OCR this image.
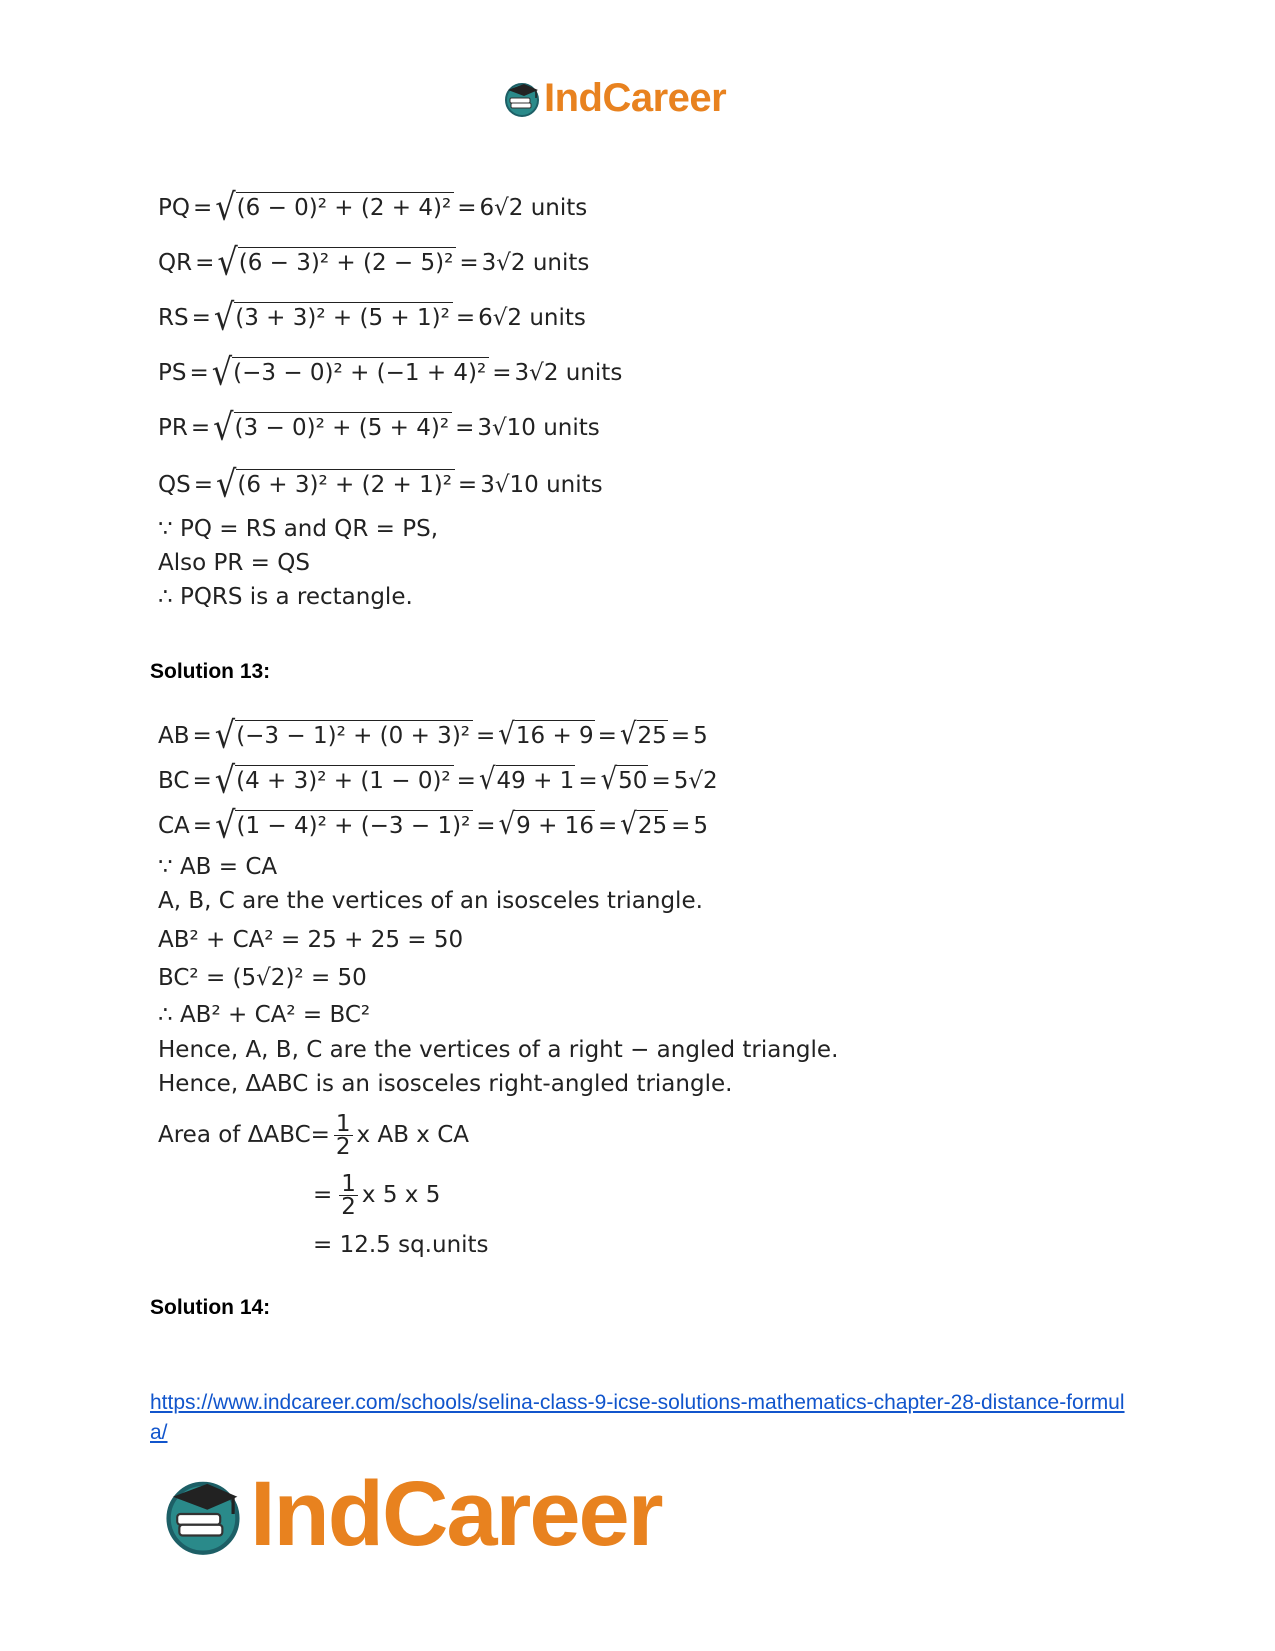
IndCareer
PQ = √ (6 − 0)² + (2 + 4)² = 6√2 units
QR = √ (6 − 3)² + (2 − 5)² = 3√2 units
RS = √ (3 + 3)² + (5 + 1)² = 6√2 units
PS = √ (−3 − 0)² + (−1 + 4)² = 3√2 units
PR = √ (3 − 0)² + (5 + 4)² = 3√10 units
QS = √ (6 + 3)² + (2 + 1)² = 3√10 units
∵ PQ = RS and QR = PS,
Also PR = QS
∴ PQRS is a rectangle.
Solution 13:
AB = √ (−3 − 1)² + (0 + 3)² = √ 16 + 9 = √ 25 = 5
BC = √ (4 + 3)² + (1 − 0)² = √ 49 + 1 = √ 50 = 5√2
CA = √ (1 − 4)² + (−3 − 1)² = √ 9 + 16 = √ 25 = 5
∵ AB = CA
A, B, C are the vertices of an isosceles triangle.
AB² + CA² = 25 + 25 = 50
BC² = (5√2)² = 50
∴ AB² + CA² = BC²
Hence, A, B, C are the vertices of a right − angled triangle.
Hence, ΔABC is an isosceles right-angled triangle.
Area of $\Delta ABC= \frac{1}{2}$ x AB x CA
= $\frac{1}{2}$ x 5 x 5
= 12.5 sq.units
Solution 14:
https://www.indcareer.com/schools/selina-class-9-icse-solutions-mathematics-chapter-28-distance-formula/
IndCareer
